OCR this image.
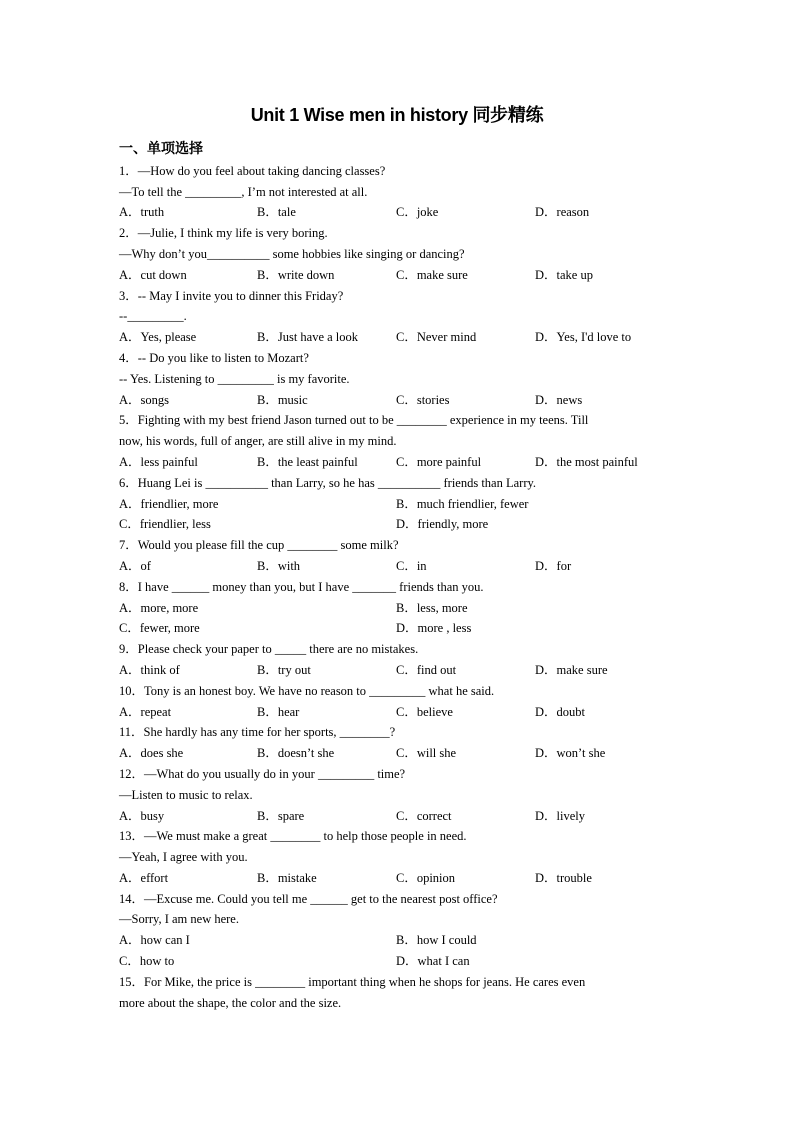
Unit 1 Wise men in history 同步精练
一、单项选择
1．—How do you feel about taking dancing classes?
—To tell the _________, I’m not interested at all.
A．truth	B．tale	C．joke	D．reason
2．—Julie, I think my life is very boring.
—Why don’t you__________ some hobbies like singing or dancing?
A．cut down	B．write down	C．make sure	D．take up
3．-- May I invite you to dinner this Friday?
--_________.
A．Yes, please	B．Just have a look	C．Never mind	D．Yes, I'd love to
4．-- Do you like to listen to Mozart?
-- Yes. Listening to _________ is my favorite.
A．songs	B．music	C．stories	D．news
5．Fighting with my best friend Jason turned out to be ________ experience in my teens. Till
now, his words, full of anger, are still alive in my mind.
A．less painful	B．the least painful	C．more painful	D．the most painful
6．Huang Lei is __________ than Larry, so he has __________ friends than Larry.
A．friendlier, more	B．much friendlier, fewer
C．friendlier, less	D．friendly, more
7．Would you please fill the cup ________ some milk?
A．of	B．with	C．in	D．for
8．I have ______ money than you, but I have _______ friends than you.
A．more, more	B．less, more
C．fewer, more	D．more , less
9．Please check your paper to _____ there are no mistakes.
A．think of	B．try out	C．find out	D．make sure
10．Tony is an honest boy. We have no reason to _________ what he said.
A．repeat	B．hear	C．believe	D．doubt
11．She hardly has any time for her sports, ________?
A．does she	B．doesn’t she	C．will she	D．won’t she
12．—What do you usually do in your _________ time?
—Listen to music to relax.
A．busy	B．spare	C．correct	D．lively
13．—We must make a great ________ to help those people in need.
—Yeah, I agree with you.
A．effort	B．mistake	C．opinion	D．trouble
14．—Excuse me. Could you tell me ______ get to the nearest post office?
—Sorry, I am new here.
A．how can I	B．how I could
C．how to	D．what I can
15．For Mike, the price is ________ important thing when he shops for jeans. He cares even
more about the shape, the color and the size.
